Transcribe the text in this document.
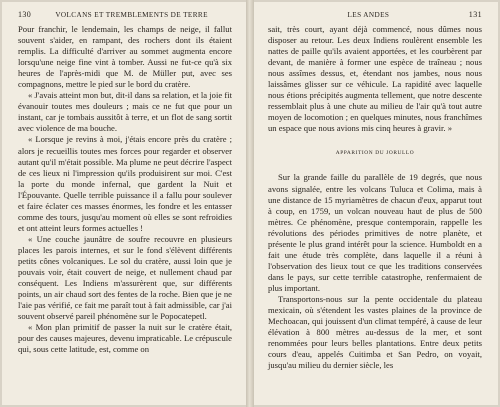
130	VOLCANS ET TREMBLEMENTS DE TERRE

Pour franchir, le lendemain, les champs de neige, il fallut souvent s'aider, en rampant, des rochers dont ils étaient remplis. La difficulté d'arriver au sommet augmenta encore lorsqu'une neige fine vint à tomber. Aussi ne fut-ce qu'à six heures de l'après-midi que M. de Müller put, avec ses compagnons, mettre le pied sur le bord du cratère.

« J'avais atteint mon but, dit-il dans sa relation, et la joie fit évanouir toutes mes douleurs ; mais ce ne fut que pour un instant, car je tombais aussitôt à terre, et un flot de sang sortit avec violence de ma bouche.

« Lorsque je revins à moi, j'étais encore près du cratère ; alors je recueillis toutes mes forces pour regarder et observer autant qu'il m'était possible. Ma plume ne peut décrire l'aspect de ces lieux ni l'impression qu'ils produisirent sur moi. C'est la porte du monde infernal, que gardent la Nuit et l'Épouvante. Quelle terrible puissance il a fallu pour soulever et faire éclater ces masses énormes, les fondre et les entasser comme des tours, jusqu'au moment où elles se sont refroidies et ont atteint leurs formes actuelles !

« Une couche jaunâtre de soufre recouvre en plusieurs places les parois internes, et sur le fond s'élèvent différents petits cônes volcaniques. Le sol du cratère, aussi loin que je pouvais voir, était couvert de neige, et nullement chaud par conséquent. Les Indiens m'assurèrent que, sur différents points, un air chaud sort des fentes de la roche. Bien que je ne l'aie pas vérifié, ce fait me paraît tout à fait admissible, car j'ai souvent observé pareil phénomène sur le Popocatepetl.

« Mon plan primitif de passer la nuit sur le cratère était, pour des causes majeures, devenu impraticable. Le crépuscule qui, sous cette latitude, est, comme on

LES ANDES	131

sait, très court, ayant déjà commencé, nous dûmes nous disposer au retour. Les deux Indiens roulèrent ensemble les nattes de paille qu'ils avaient apportées, et les courbèrent par devant, de manière à former une espèce de traîneau ; nous nous assîmes dessus, et, étendant nos jambes, nous nous laissâmes glisser sur ce véhicule. La rapidité avec laquelle nous étions précipités augmenta tellement, que notre descente ressemblait plus à une chute au milieu de l'air qu'à tout autre moyen de locomotion ; en quelques minutes, nous franchîmes un espace que nous avions mis cinq heures à gravir. »

APPARITION DU JORULLO

Sur la grande faille du parallèle de 19 degrés, que nous avons signalée, entre les volcans Tuluca et Colima, mais à une distance de 15 myriamètres de chacun d'eux, apparut tout à coup, en 1759, un volcan nouveau haut de plus de 500 mètres. Ce phénomène, presque contemporain, rappelle les révolutions des périodes primitives de notre planète, et présente le plus grand intérêt pour la science. Humboldt en a fait une étude très complète, dans laquelle il a réuni à l'observation des lieux tout ce que les traditions conservées dans le pays, sur cette terrible catastrophe, renfermaient de plus important.

Transportons-nous sur la pente occidentale du plateau mexicain, où s'étendent les vastes plaines de la province de Mechoacan, qui jouissent d'un climat tempéré, à cause de leur élévation à 800 mètres au-dessus de la mer, et sont renommées pour leurs belles plantations. Entre deux petits cours d'eau, appelés Cuitimba et San Pedro, on voyait, jusqu'au milieu du dernier siècle, les
